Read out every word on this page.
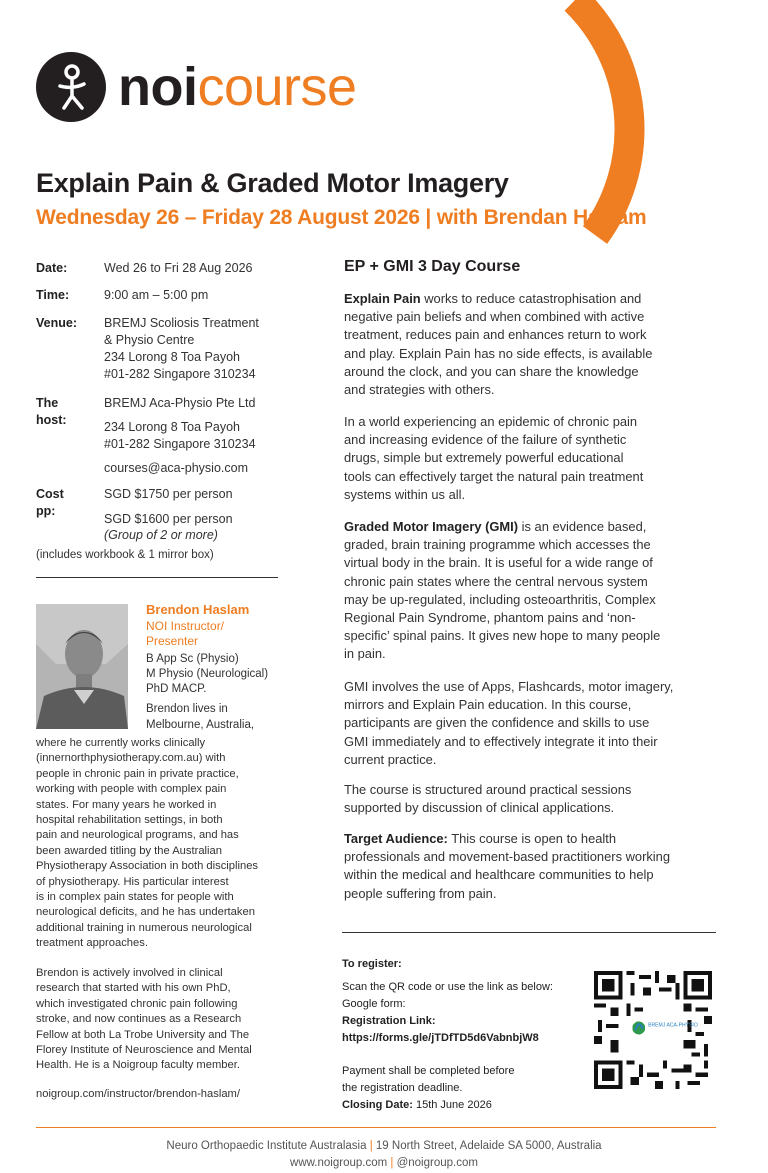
noicourse
Explain Pain & Graded Motor Imagery
Wednesday 26 – Friday 28 August 2026 | with Brendan Haslam
Date:	Wed 26 to Fri 28 Aug 2026
Time:	9:00 am – 5:00 pm
Venue: BREMJ Scoliosis Treatment
& Physio Centre
234 Lorong 8 Toa Payoh
#01-282 Singapore 310234
The host:
BREMJ Aca-Physio Pte Ltd
234 Lorong 8 Toa Payoh
#01-282 Singapore 310234
courses@aca-physio.com
Cost pp:
SGD $1750 per person
SGD $1600 per person
(Group of 2 or more)
(includes workbook & 1 mirror box)
Brendon Haslam
NOI Instructor/
Presenter
B App Sc (Physio)
M Physio (Neurological)
PhD MACP.
Brendon lives in
Melbourne, Australia,
where he currently works clinically
(innernorthphysiotherapy.com.au) with
people in chronic pain in private practice,
working with people with complex pain
states. For many years he worked in
hospital rehabilitation settings, in both
pain and neurological programs, and has
been awarded titling by the Australian
Physiotherapy Association in both disciplines
of physiotherapy. His particular interest
is in complex pain states for people with
neurological deficits, and he has undertaken
additional training in numerous neurological
treatment approaches.
Brendon is actively involved in clinical
research that started with his own PhD,
which investigated chronic pain following
stroke, and now continues as a Research
Fellow at both La Trobe University and The
Florey Institute of Neuroscience and Mental
Health. He is a Noigroup faculty member.
noigroup.com/instructor/brendon-haslam/
EP + GMI 3 Day Course
Explain Pain works to reduce catastrophisation and
negative pain beliefs and when combined with active
treatment, reduces pain and enhances return to work
and play. Explain Pain has no side effects, is available
around the clock, and you can share the knowledge
and strategies with others.
In a world experiencing an epidemic of chronic pain
and increasing evidence of the failure of synthetic
drugs, simple but extremely powerful educational
tools can effectively target the natural pain treatment
systems within us all.
Graded Motor Imagery (GMI) is an evidence based,
graded, brain training programme which accesses the
virtual body in the brain. It is useful for a wide range of
chronic pain states where the central nervous system
may be up-regulated, including osteoarthritis, Complex
Regional Pain Syndrome, phantom pains and ‘non-
specific’ spinal pains. It gives new hope to many people
in pain.
GMI involves the use of Apps, Flashcards, motor imagery,
mirrors and Explain Pain education. In this course,
participants are given the confidence and skills to use
GMI immediately and to effectively integrate it into their
current practice.
The course is structured around practical sessions
supported by discussion of clinical applications.
Target Audience: This course is open to health
professionals and movement-based practitioners working
within the medical and healthcare communities to help
people suffering from pain.
To register:
Scan the QR code or use the link as below:
Google form:
Registration Link:
https://forms.gle/jTDfTD5d6VabnbjW8
Payment shall be completed before
the registration deadline.
Closing Date: 15th June 2026
BREMJ ACA-PHYSIO
Neuro Orthopaedic Institute Australasia | 19 North Street, Adelaide SA 5000, Australia
www.noigroup.com | @noigroup.com
